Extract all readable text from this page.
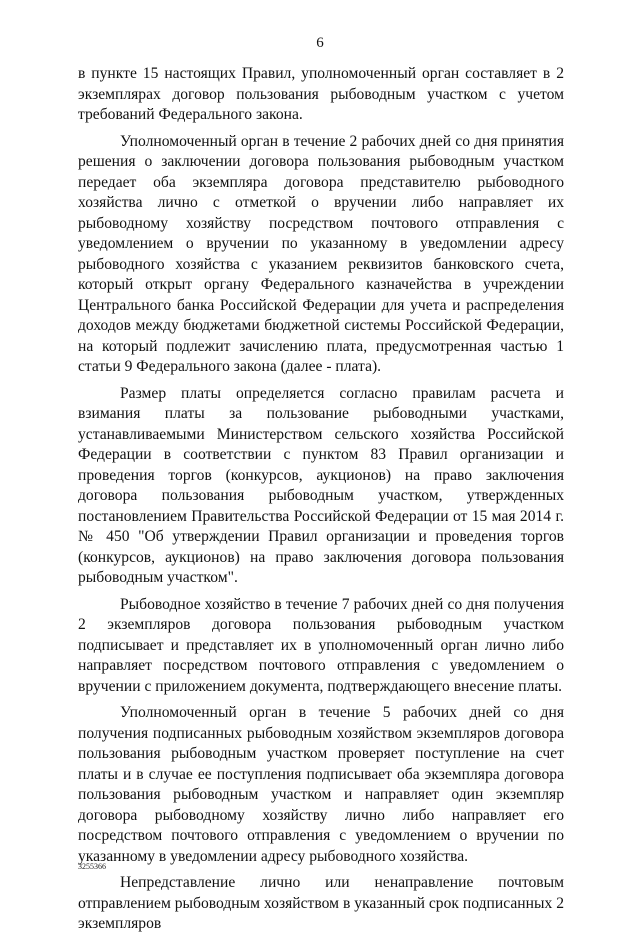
6

в пункте 15 настоящих Правил, уполномоченный орган составляет в 2 экземплярах договор пользования рыбоводным участком с учетом требований Федерального закона.

Уполномоченный орган в течение 2 рабочих дней со дня принятия решения о заключении договора пользования рыбоводным участком передает оба экземпляра договора представителю рыбоводного хозяйства лично с отметкой о вручении либо направляет их рыбоводному хозяйству посредством почтового отправления с уведомлением о вручении по указанному в уведомлении адресу рыбоводного хозяйства с указанием реквизитов банковского счета, который открыт органу Федерального казначейства в учреждении Центрального банка Российской Федерации для учета и распределения доходов между бюджетами бюджетной системы Российской Федерации, на который подлежит зачислению плата, предусмотренная частью 1 статьи 9 Федерального закона (далее - плата).

Размер платы определяется согласно правилам расчета и взимания платы за пользование рыбоводными участками, устанавливаемыми Министерством сельского хозяйства Российской Федерации в соответствии с пунктом 83 Правил организации и проведения торгов (конкурсов, аукционов) на право заключения договора пользования рыбоводным участком, утвержденных постановлением Правительства Российской Федерации от 15 мая 2014 г. № 450 "Об утверждении Правил организации и проведения торгов (конкурсов, аукционов) на право заключения договора пользования рыбоводным участком".

Рыбоводное хозяйство в течение 7 рабочих дней со дня получения 2 экземпляров договора пользования рыбоводным участком подписывает и представляет их в уполномоченный орган лично либо направляет посредством почтового отправления с уведомлением о вручении с приложением документа, подтверждающего внесение платы.

Уполномоченный орган в течение 5 рабочих дней со дня получения подписанных рыбоводным хозяйством экземпляров договора пользования рыбоводным участком проверяет поступление на счет платы и в случае ее поступления подписывает оба экземпляра договора пользования рыбоводным участком и направляет один экземпляр договора рыбоводному хозяйству лично либо направляет его посредством почтового отправления с уведомлением о вручении по указанному в уведомлении адресу рыбоводного хозяйства.

Непредставление лично или ненаправление почтовым отправлением рыбоводным хозяйством в указанный срок подписанных 2 экземпляров

3255366
